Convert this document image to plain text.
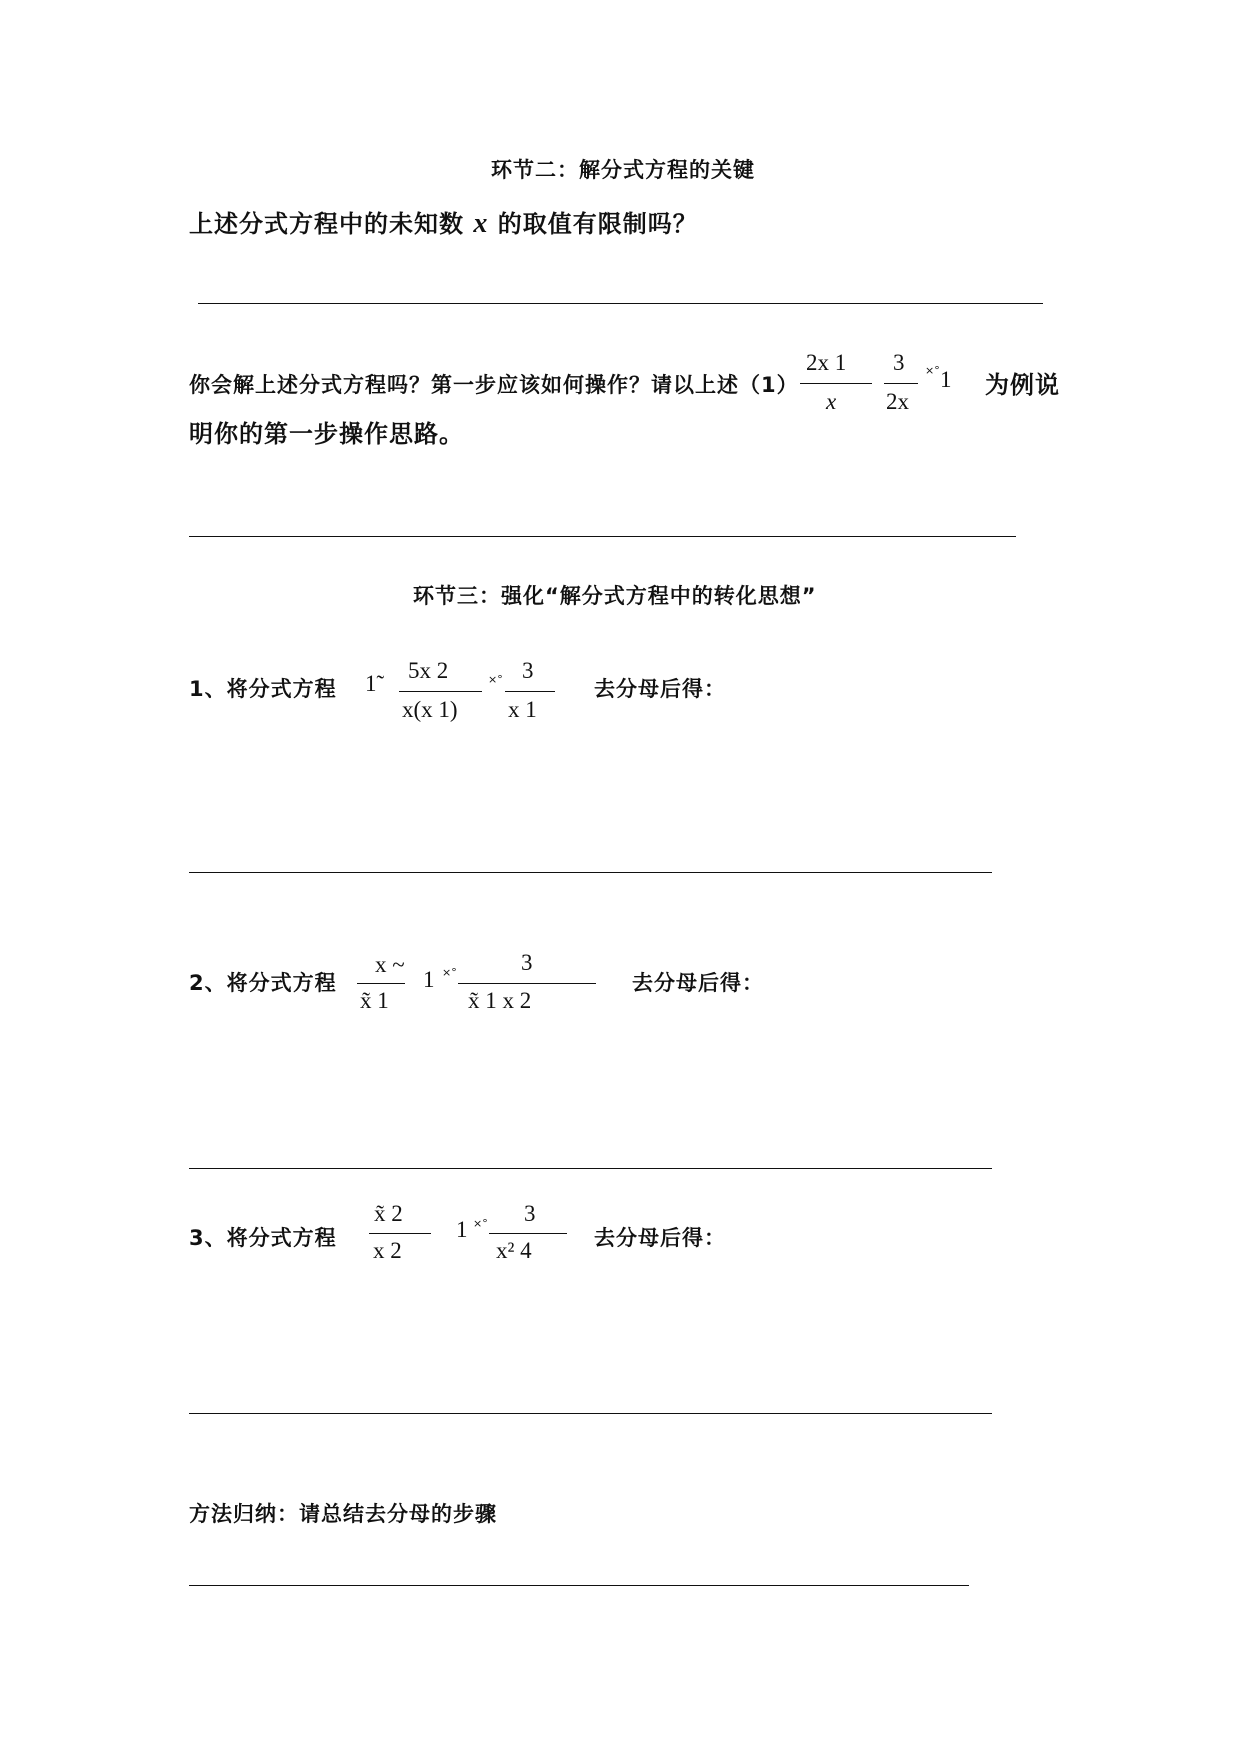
环节二：解分式方程的关键
上述分式方程中的未知数 x 的取值有限制吗？
你会解上述分式方程吗？第一步应该如何操作？请以上述（1）
2x 1
x
3
2x
×° 1 为例说
明你的第一步操作思路。
环节三：强化“解分式方程中的转化思想”
1、将分式方程 1̃
5x 2
x(x 1)
×° 3
x 1
去分母后得：
2、将分式方程
x ~
x̃ 1
1 ×°	3
x̃ 1 x 2
去分母后得：
3、将分式方程
x̃ 2
x 2
1 ×° 3
x² 4	去分母后得：
方法归纳：请总结去分母的步骤
